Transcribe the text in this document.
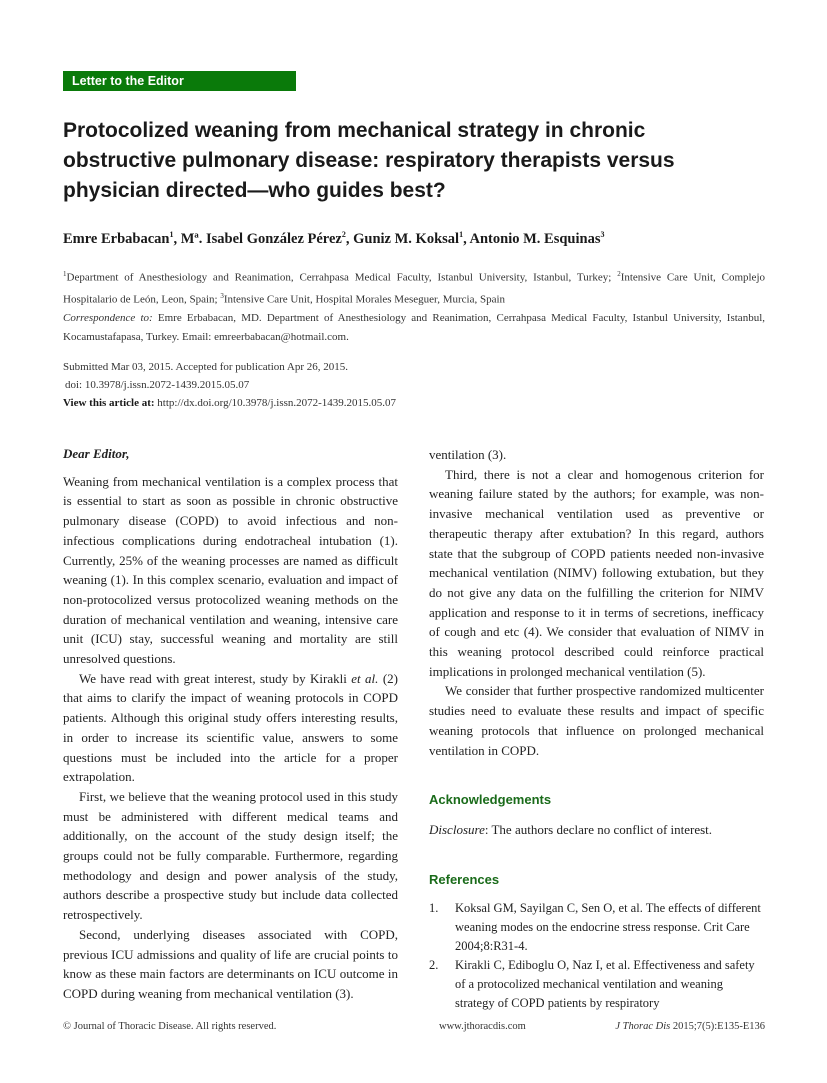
Letter to the Editor
Protocolized weaning from mechanical strategy in chronic obstructive pulmonary disease: respiratory therapists versus physician directed—who guides best?
Emre Erbabacan$^1$, Mª. Isabel González Pérez$^2$, Guniz M. Koksal$^1$, Antonio M. Esquinas$^3$
$^1$Department of Anesthesiology and Reanimation, Cerrahpasa Medical Faculty, Istanbul University, Istanbul, Turkey; $^2$Intensive Care Unit, Complejo Hospitalario de León, Leon, Spain; $^3$Intensive Care Unit, Hospital Morales Meseguer, Murcia, Spain
Correspondence to: Emre Erbabacan, MD. Department of Anesthesiology and Reanimation, Cerrahpasa Medical Faculty, Istanbul University, Istanbul, Kocamustafapasa, Turkey. Email: emreerbabacan@hotmail.com.
Submitted Mar 03, 2015. Accepted for publication Apr 26, 2015.
doi: 10.3978/j.issn.2072-1439.2015.05.07
View this article at: http://dx.doi.org/10.3978/j.issn.2072-1439.2015.05.07

Dear Editor,

Weaning from mechanical ventilation is a complex process that is essential to start as soon as possible in chronic obstructive pulmonary disease (COPD) to avoid infectious and non-infectious complications during endotracheal intubation (1). Currently, 25% of the weaning processes are named as difficult weaning (1). In this complex scenario, evaluation and impact of non-protocolized versus protocolized weaning methods on the duration of mechanical ventilation and weaning, intensive care unit (ICU) stay, successful weaning and mortality are still unresolved questions.

We have read with great interest, study by Kirakli et al. (2) that aims to clarify the impact of weaning protocols in COPD patients. Although this original study offers interesting results, in order to increase its scientific value, answers to some questions must be included into the article for a proper extrapolation.

First, we believe that the weaning protocol used in this study must be administered with different medical teams and additionally, on the account of the study design itself; the groups could not be fully comparable. Furthermore, regarding methodology and design and power analysis of the study, authors describe a prospective study but include data collected retrospectively.

Second, underlying diseases associated with COPD, previous ICU admissions and quality of life are crucial points to know as these main factors are determinants on ICU outcome in COPD during weaning from mechanical ventilation (3).

ventilation (3).

Third, there is not a clear and homogenous criterion for weaning failure stated by the authors; for example, was non-invasive mechanical ventilation used as preventive or therapeutic therapy after extubation? In this regard, authors state that the subgroup of COPD patients needed non-invasive mechanical ventilation (NIMV) following extubation, but they do not give any data on the fulfilling the criterion for NIMV application and response to it in terms of secretions, inefficacy of cough and etc (4). We consider that evaluation of NIMV in this weaning protocol described could reinforce practical implications in prolonged mechanical ventilation (5).

We consider that further prospective randomized multicenter studies need to evaluate these results and impact of specific weaning protocols that influence on prolonged mechanical ventilation in COPD.

Acknowledgements

Disclosure: The authors declare no conflict of interest.

References
1.	Koksal GM, Sayilgan C, Sen O, et al. The effects of different weaning modes on the endocrine stress response. Crit Care 2004;8:R31-4.
2.	Kirakli C, Ediboglu O, Naz I, et al. Effectiveness and safety of a protocolized mechanical ventilation and weaning strategy of COPD patients by respiratory
© Journal of Thoracic Disease. All rights reserved.	www.jthoracdis.com	J Thorac Dis 2015;7(5):E135-E136
